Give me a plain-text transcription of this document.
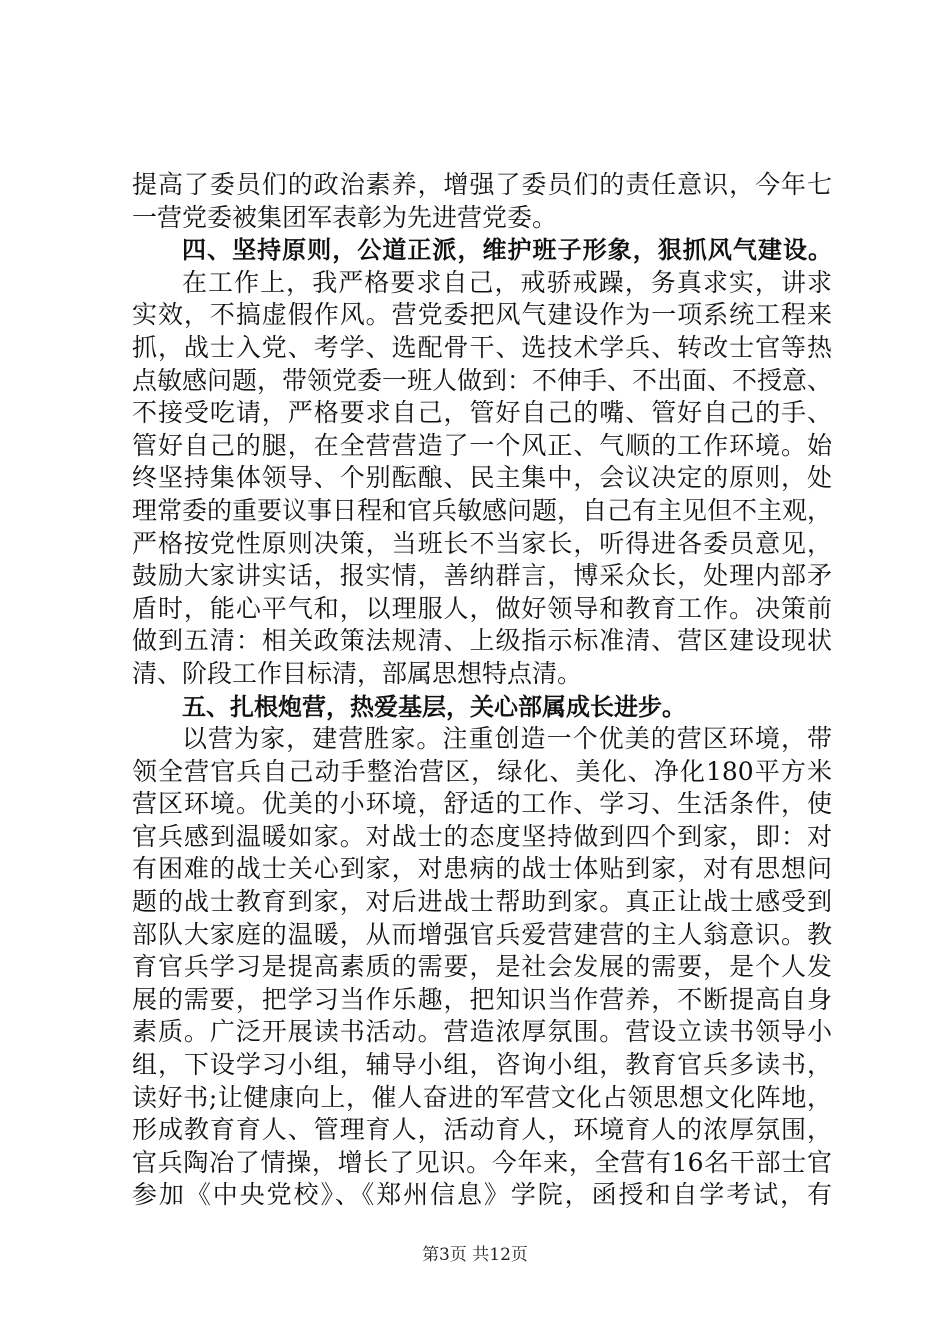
提高了委员们的政治素养，增强了委员们的责任意识，今年七
一营党委被集团军表彰为先进营党委。
四、坚持原则，公道正派，维护班子形象，狠抓风气建设。
在工作上，我严格要求自己，戒骄戒躁，务真求实，讲求
实效，不搞虚假作风。营党委把风气建设作为一项系统工程来
抓，战士入党、考学、选配骨干、选技术学兵、转改士官等热
点敏感问题，带领党委一班人做到：不伸手、不出面、不授意、
不接受吃请，严格要求自己，管好自己的嘴、管好自己的手、
管好自己的腿，在全营营造了一个风正、气顺的工作环境。始
终坚持集体领导、个别酝酿、民主集中，会议决定的原则，处
理常委的重要议事日程和官兵敏感问题，自己有主见但不主观，
严格按党性原则决策，当班长不当家长，听得进各委员意见，
鼓励大家讲实话，报实情，善纳群言，博采众长，处理内部矛
盾时，能心平气和，以理服人，做好领导和教育工作。决策前
做到五清：相关政策法规清、上级指示标准清、营区建设现状
清、阶段工作目标清，部属思想特点清。
五、扎根炮营，热爱基层，关心部属成长进步。
以营为家，建营胜家。注重创造一个优美的营区环境，带
领全营官兵自己动手整治营区，绿化、美化、净化180平方米
营区环境。优美的小环境，舒适的工作、学习、生活条件，使
官兵感到温暖如家。对战士的态度坚持做到四个到家，即：对
有困难的战士关心到家，对患病的战士体贴到家，对有思想问
题的战士教育到家，对后进战士帮助到家。真正让战士感受到
部队大家庭的温暖，从而增强官兵爱营建营的主人翁意识。教
育官兵学习是提高素质的需要，是社会发展的需要，是个人发
展的需要，把学习当作乐趣，把知识当作营养，不断提高自身
素质。广泛开展读书活动。营造浓厚氛围。营设立读书领导小
组，下设学习小组，辅导小组，咨询小组，教育官兵多读书，
读好书;让健康向上，催人奋进的军营文化占领思想文化阵地，
形成教育育人、管理育人，活动育人，环境育人的浓厚氛围，
官兵陶冶了情操，增长了见识。今年来，全营有16名干部士官
参加《中央党校》、《郑州信息》学院，函授和自学考试，有
第3页 共12页
